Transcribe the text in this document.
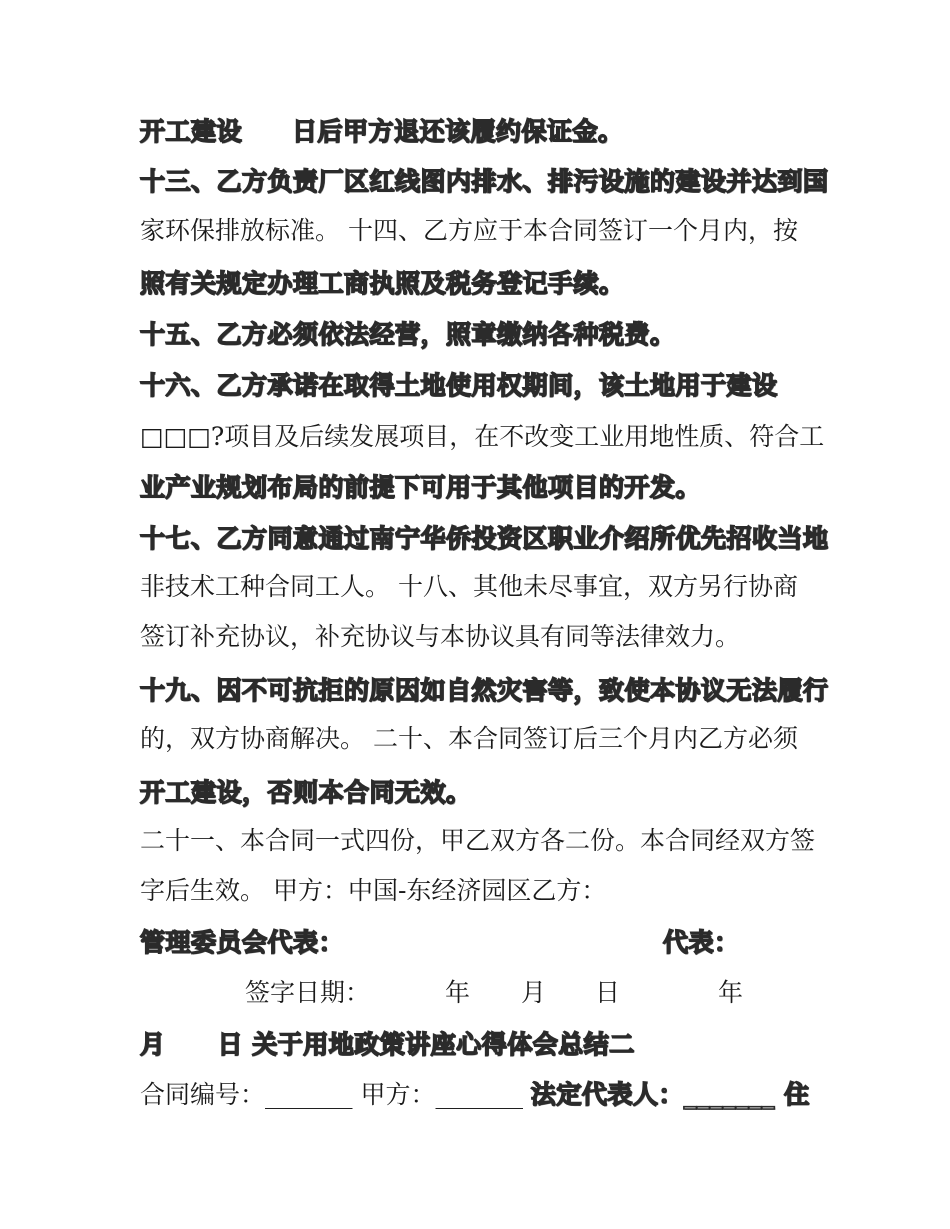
开工建设 日后甲方退还该履约保证金。
十三、乙方负责厂区红线图内排水、排污设施的建设并达到国
家环保排放标准。 十四、乙方应于本合同签订一个月内，按
照有关规定办理工商执照及税务登记手续。
十五、乙方必须依法经营，照章缴纳各种税费。
十六、乙方承诺在取得土地使用权期间，该土地用于建设
□□□?项目及后续发展项目，在不改变工业用地性质、符合工
业产业规划布局的前提下可用于其他项目的开发。
十七、乙方同意通过南宁华侨投资区职业介绍所优先招收当地
非技术工种合同工人。 十八、其他未尽事宜，双方另行协商
签订补充协议，补充协议与本协议具有同等法律效力。
十九、因不可抗拒的原因如自然灾害等，致使本协议无法履行
的，双方协商解决。 二十、本合同签订后三个月内乙方必须
开工建设，否则本合同无效。
二十一、本合同一式四份，甲乙双方各二份。本合同经双方签
字后生效。 甲方：中国-东经济园区乙方：
管理委员会代表：	代表：
签字日期：	年 月 日	年
月 日 关于用地政策讲座心得体会总结二
合同编号：_______ 甲方：_______ 法定代表人：_______ 住
